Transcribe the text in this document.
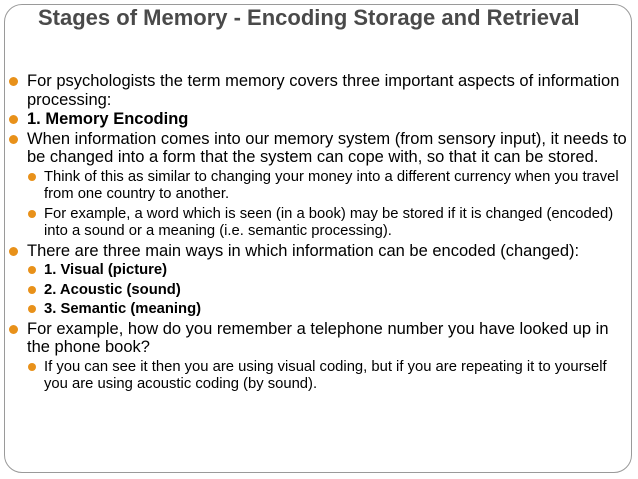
Stages of Memory - Encoding Storage and Retrieval
For psychologists the term memory covers three important aspects of information processing:
1. Memory Encoding
When information comes into our memory system (from sensory input), it needs to be changed into a form that the system can cope with, so that it can be stored.
Think of this as similar to changing your money into a different currency when you travel from one country to another.
For example, a word which is seen (in a book) may be stored if it is changed (encoded) into a sound or a meaning (i.e. semantic processing).
There are three main ways in which information can be encoded (changed):
1. Visual (picture)
2. Acoustic (sound)
3. Semantic (meaning)
For example, how do you remember a telephone number you have looked up in the phone book?
If you can see it then you are using visual coding, but if you are repeating it to yourself you are using acoustic coding (by sound).
